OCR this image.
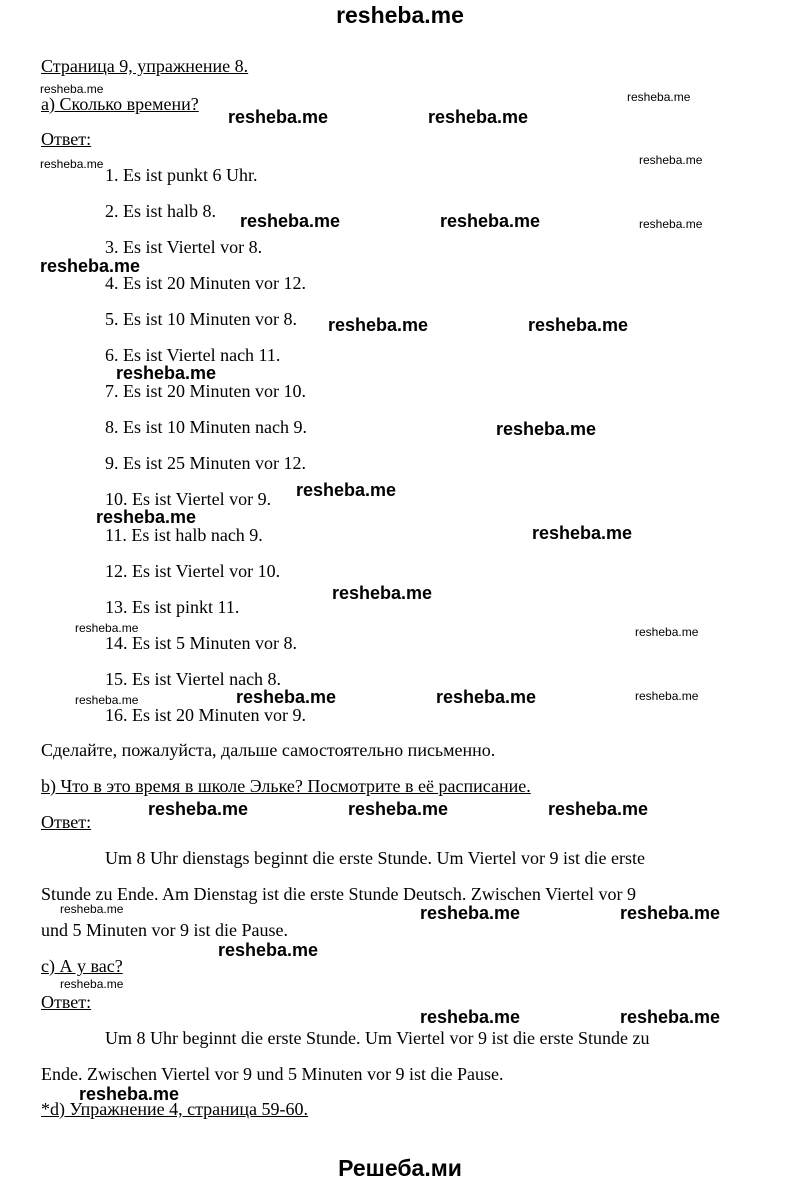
resheba.me
Страница 9, упражнение 8.
а) Сколько времени?
Ответ:
1. Es ist punkt 6 Uhr.
2. Es ist halb 8.
3. Es ist Viertel vor 8.
4. Es ist 20 Minuten vor 12.
5. Es ist 10 Minuten vor 8.
6. Es ist Viertel nach 11.
7. Es ist 20 Minuten vor 10.
8. Es ist 10 Minuten nach 9.
9. Es ist 25 Minuten vor 12.
10. Es ist Viertel vor 9.
11. Es ist halb nach 9.
12. Es ist Viertel vor 10.
13. Es ist pinkt 11.
14. Es ist 5 Minuten vor 8.
15. Es ist Viertel nach 8.
16. Es ist 20 Minuten vor 9.
Сделайте, пожалуйста, дальше самостоятельно письменно.
b) Что в это время в школе Эльке? Посмотрите в её расписание.
Ответ:
Um 8 Uhr dienstags beginnt die erste Stunde. Um Viertel vor 9 ist die erste
Stunde zu Ende. Am Dienstag ist die erste Stunde Deutsch. Zwischen Viertel vor 9
und 5 Minuten vor 9 ist die Pause.
c) А у вас?
Ответ:
Um 8 Uhr beginnt die erste Stunde. Um Viertel vor 9 ist die erste Stunde zu
Ende. Zwischen Viertel vor 9 und 5 Minuten vor 9 ist die Pause.
*d) Упражнение 4, страница 59-60.
resheba.me
resheba.me
resheba.me	resheba.me
resheba.me	resheba.me
resheba.me	resheba.me	resheba.me
resheba.me
resheba.me	resheba.me
resheba.me
resheba.me
resheba.me
resheba.me
resheba.me
resheba.me
resheba.me	resheba.me
resheba.me	resheba.me	resheba.me	resheba.me
resheba.me	resheba.me	resheba.me
resheba.me	resheba.me	resheba.me
resheba.me
resheba.me
resheba.me	resheba.me
resheba.me
Решеба.ми
